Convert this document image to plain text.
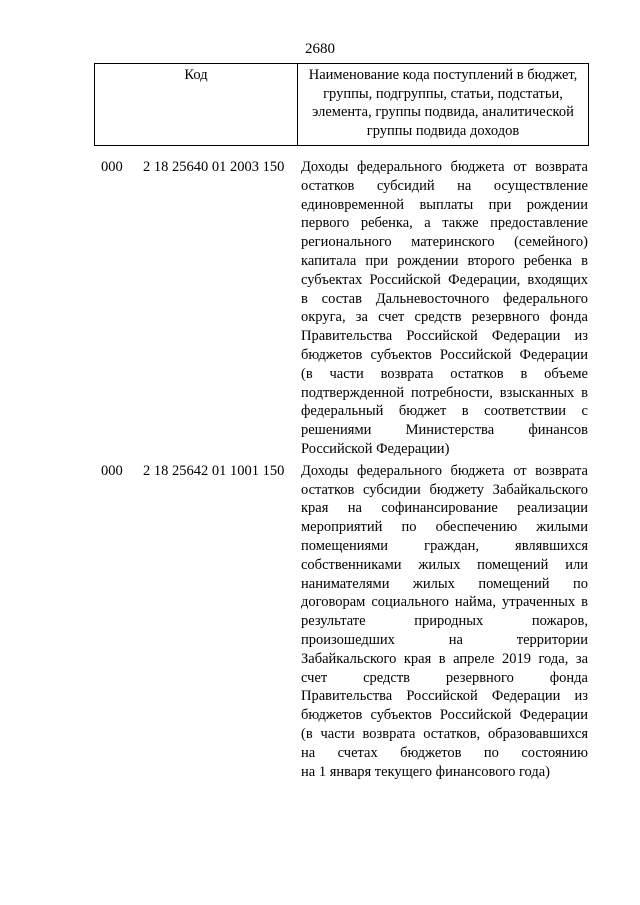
2680
Код	Наименование кода поступлений в бюджет, группы, подгруппы, статьи, подстатьи, элемента, группы подвида, аналитической группы подвида доходов
000 2 18 25640 01 2003 150 Доходы федерального бюджета от возврата
остатков субсидий на осуществление
единовременной выплаты при рождении
первого ребенка, а также предоставление
регионального материнского (семейного)
капитала при рождении второго ребенка в
субъектах Российской Федерации, входящих
в состав Дальневосточного федерального
округа, за счет средств резервного фонда
Правительства Российской Федерации из
бюджетов субъектов Российской Федерации
(в части возврата остатков в объеме
подтвержденной потребности, взысканных в
федеральный бюджет в соответствии с
решениями Министерства финансов
Российской Федерации)
000 2 18 25642 01 1001 150 Доходы федерального бюджета от возврата
остатков субсидии бюджету Забайкальского
края на софинансирование реализации
мероприятий по обеспечению жилыми
помещениями граждан, являвшихся
собственниками жилых помещений или
нанимателями жилых помещений по
договорам социального найма, утраченных в
результате природных пожаров,
произошедших на территории
Забайкальского края в апреле 2019 года, за
счет средств резервного фонда
Правительства Российской Федерации из
бюджетов субъектов Российской Федерации
(в части возврата остатков, образовавшихся
на счетах бюджетов по состоянию
на 1 января текущего финансового года)
